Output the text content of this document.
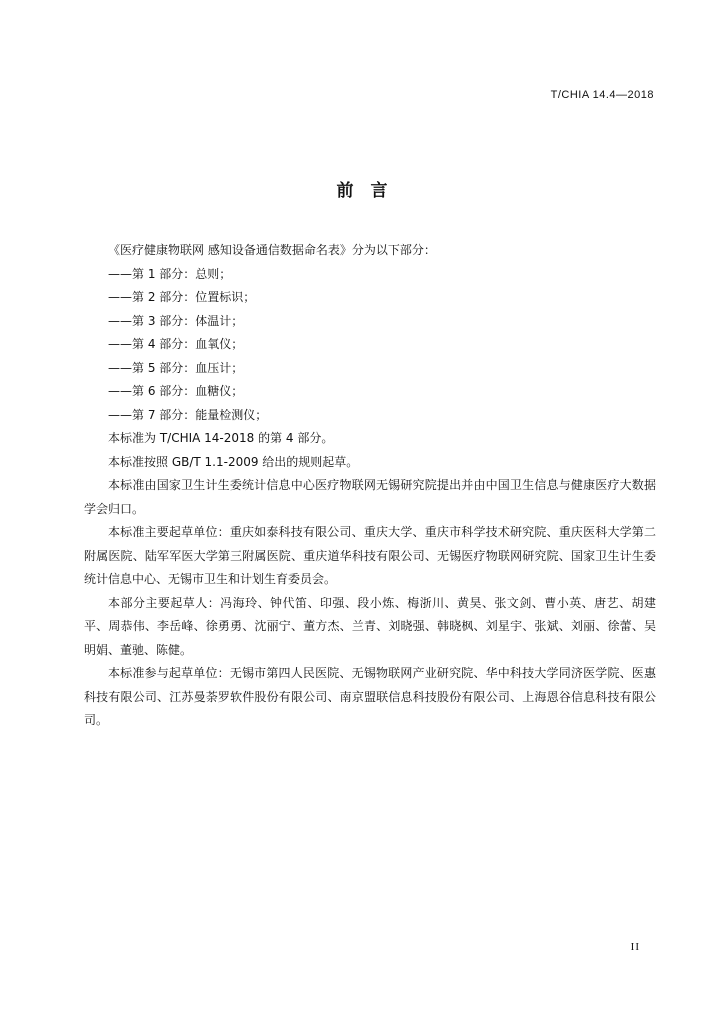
T/CHIA 14.4—2018
前　言

《医疗健康物联网 感知设备通信数据命名表》分为以下部分：

——第 1 部分：总则；

——第 2 部分：位置标识；

——第 3 部分：体温计；

——第 4 部分：血氧仪；

——第 5 部分：血压计；

——第 6 部分：血糖仪；

——第 7 部分：能量检测仪；

本标准为 T/CHIA 14-2018 的第 4 部分。

本标准按照 GB/T 1.1-2009 给出的规则起草。

本标准由国家卫生计生委统计信息中心医疗物联网无锡研究院提出并由中国卫生信息与健康医疗大数据学会归口。

本标准主要起草单位：重庆如泰科技有限公司、重庆大学、重庆市科学技术研究院、重庆医科大学第二附属医院、陆军军医大学第三附属医院、重庆道华科技有限公司、无锡医疗物联网研究院、国家卫生计生委统计信息中心、无锡市卫生和计划生育委员会。

本部分主要起草人：冯海玲、钟代笛、印强、段小炼、梅浙川、黄昊、张文剑、曹小英、唐艺、胡建平、周恭伟、李岳峰、徐勇勇、沈丽宁、董方杰、兰青、刘晓强、韩晓枫、刘星宇、张斌、刘丽、徐蕾、吴明娟、董驰、陈健。

本标准参与起草单位：无锡市第四人民医院、无锡物联网产业研究院、华中科技大学同济医学院、医惠科技有限公司、江苏曼荼罗软件股份有限公司、南京盟联信息科技股份有限公司、上海恩谷信息科技有限公司。

II
